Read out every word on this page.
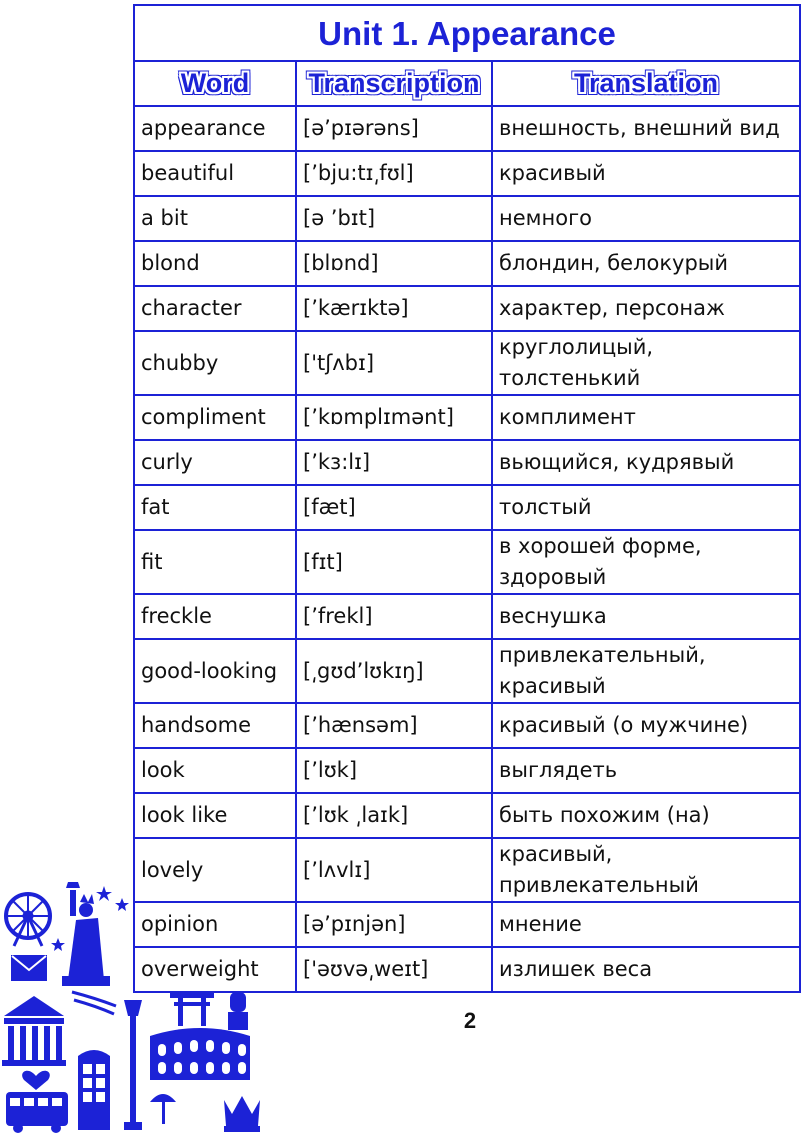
Unit 1. Appearance		
Word	Transcription	Translation
appearance	[ə’pɪərəns]	внешность, внешний вид
beautiful	[’bju:tɪ͵fʊl]	красивый
a bit	[ə ’bɪt]	немного
blond	[blɒnd]	блондин, белокурый
character	[’kærɪktə]	характер, персонаж
chubby	['tʃʌbɪ]	круглолицый, толстенький
compliment	[’kɒmplɪmənt]	комплимент
curly	[’kɜ:lɪ]	вьющийся, кудрявый
fat	[fæt]	толстый
fit	[fɪt]	в хорошей форме, здоровый
freckle	[’frekl]	веснушка
good-looking	[͵gʊd’lʊkɪŋ]	привлекательный, красивый
handsome	[’hænsəm]	красивый (о мужчине)
look	[’lʊk]	выглядеть
look like	[’lʊk ͵laɪk]	быть похожим (на)
lovely	[’lʌvlɪ]	красивый, привлекательный
opinion	[ə’pɪnjən]	мнение
overweight	['əʊvə͵weɪt]	излишек веса
2
